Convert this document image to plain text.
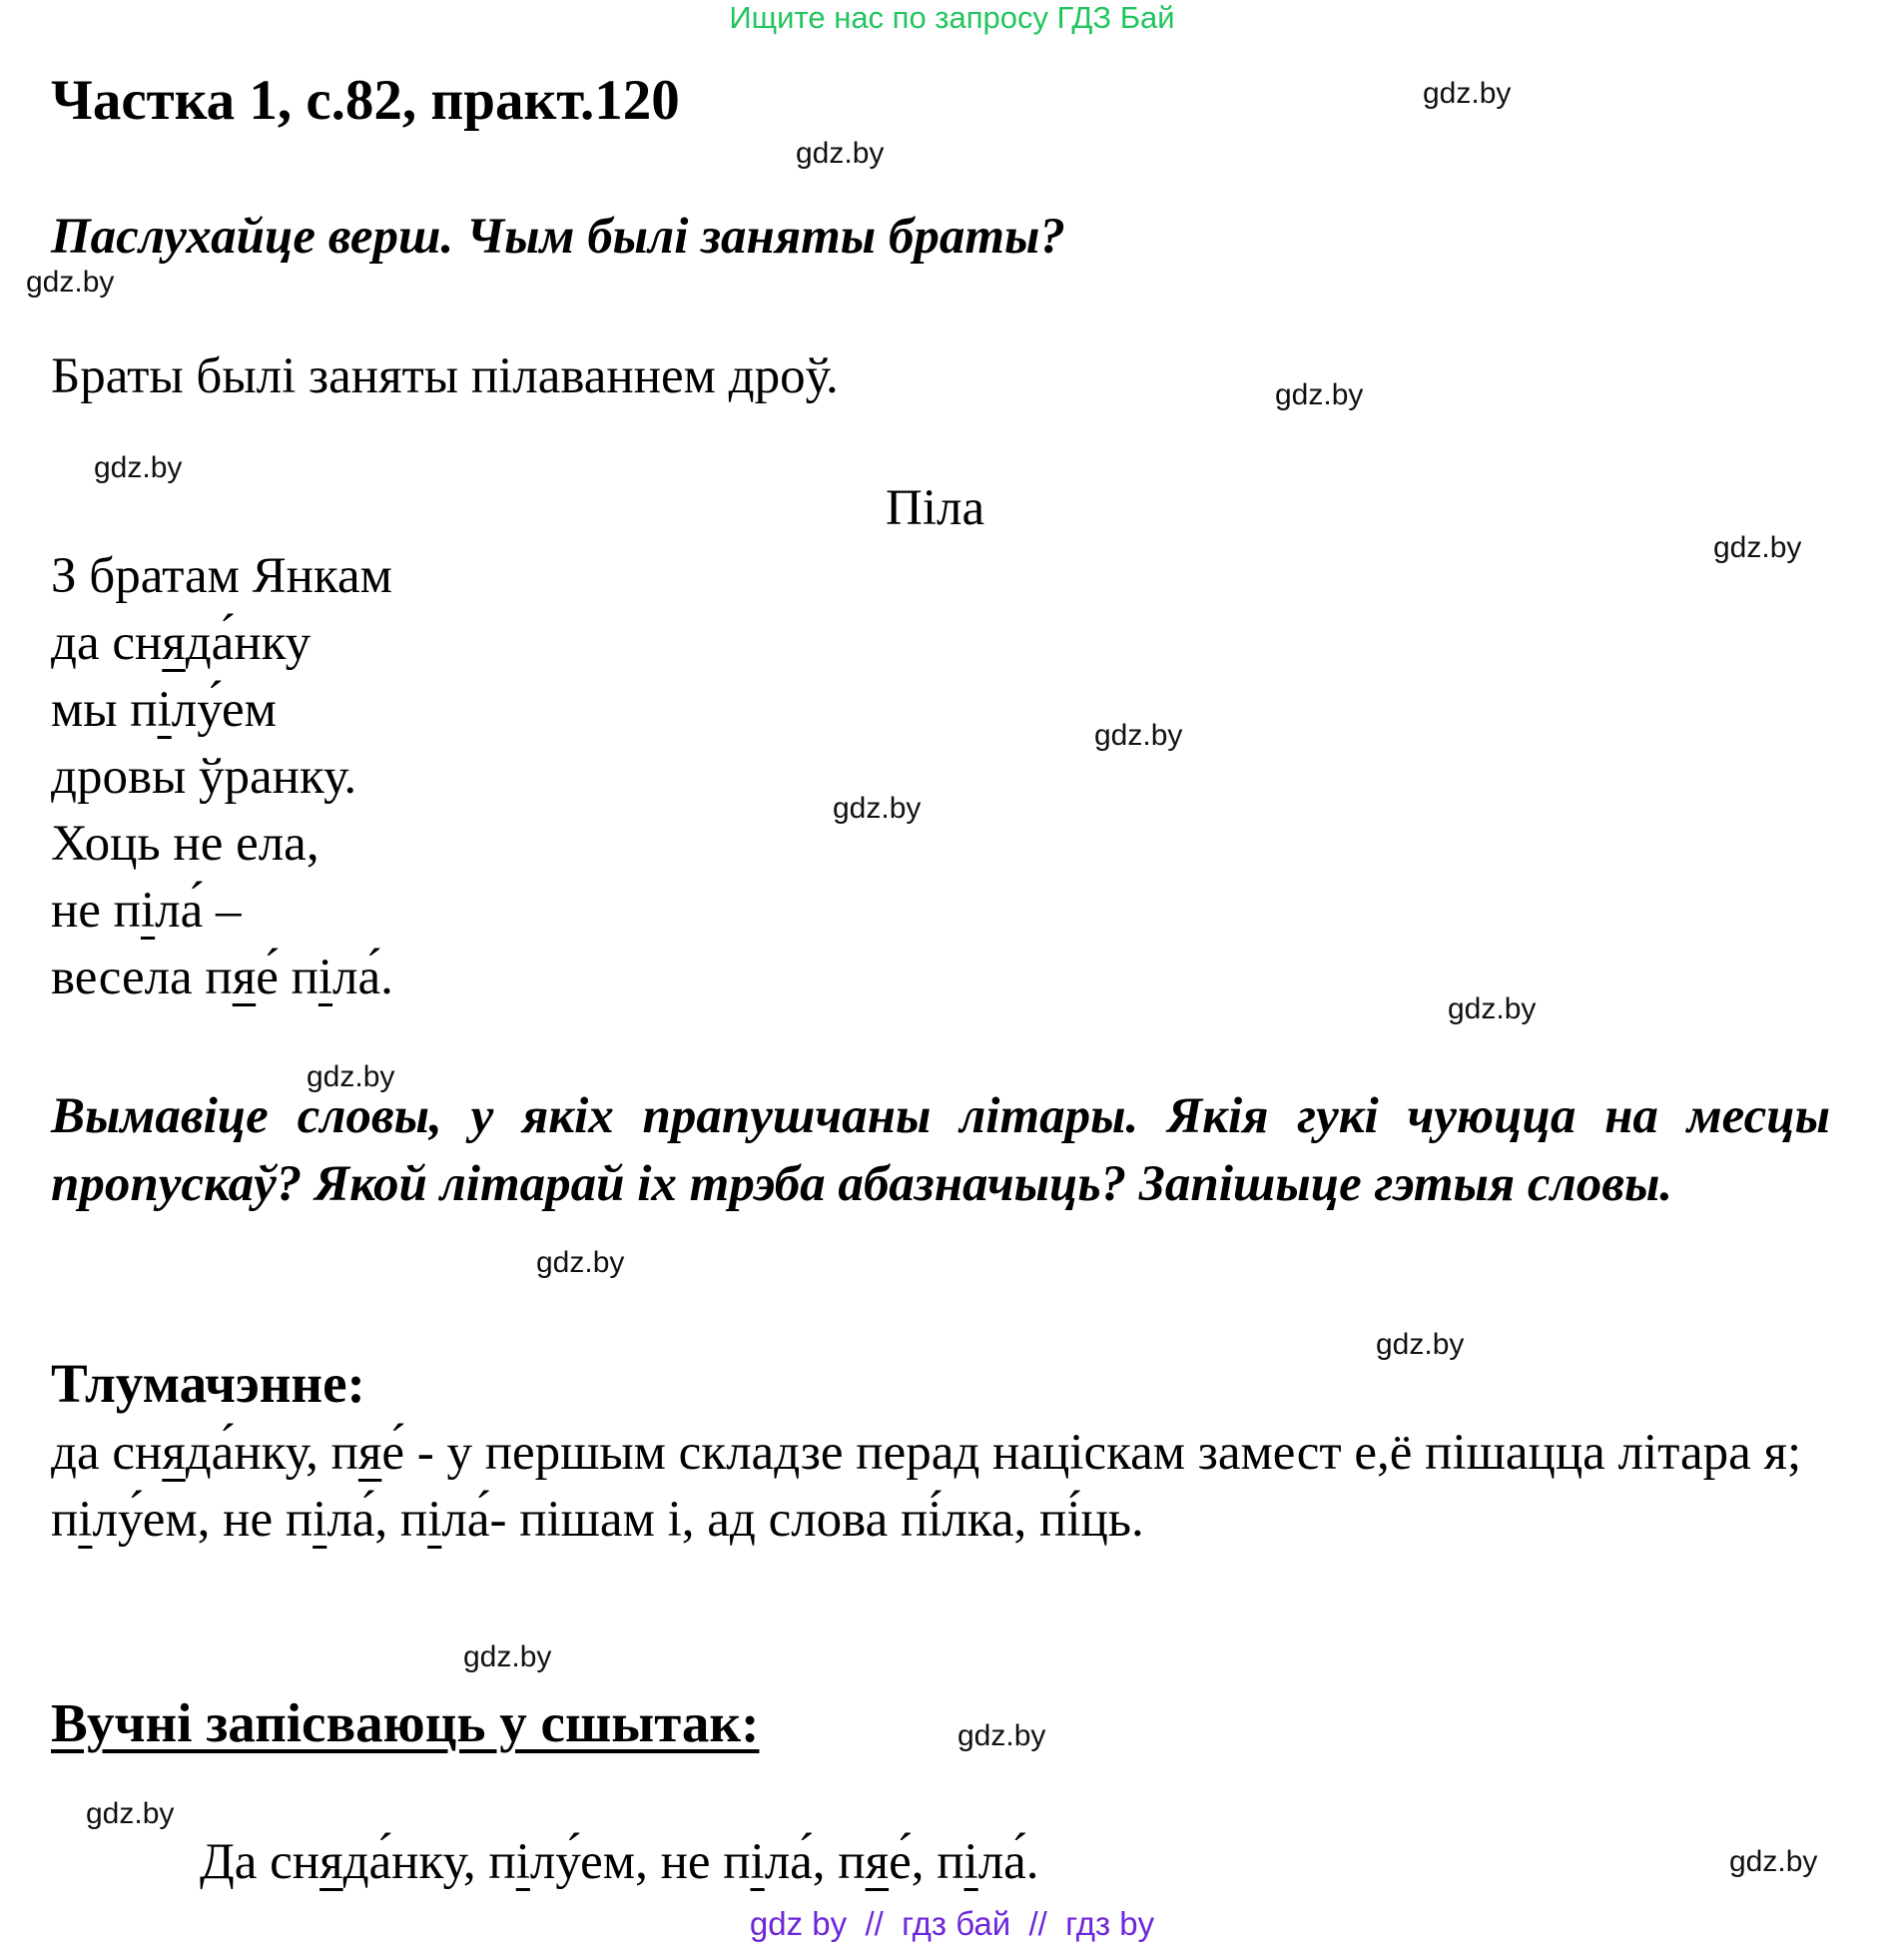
Ищите нас по запросу ГДЗ Бай
Частка 1, с.82, практ.120
Паслухайце верш. Чым былі заняты браты?
Браты былі заняты пілаваннем дроў.
Піла
З братам Янкам
да сняда́нку
мы пілу́ем
дровы ўранку.
Хоць не ела,
не піла́ –
весела пяе́ піла́.
Вымавіце словы, у якіх прапушчаны літары. Якія гукі чуюцца на месцы пропускаў? Якой літарай іх трэба абазначыць? Запішыце гэтыя словы.
Тлумачэнне:
да сняда́нку, пяе́ - у першым складзе перад націскам замест е,ё пішацца літара я;
пілу́ем, не піла́, піла́- пішам і, ад слова пі́лка, пі́ць.
Вучні запісваюць у сшытак:
Да сняда́нку, пілу́ем, не піла́, пяе́, піла́.
gdz.by
gdz.by
gdz.by
gdz.by
gdz.by
gdz.by
gdz.by
gdz.by
gdz.by
gdz.by
gdz.by
gdz.by
gdz.by
gdz.by
gdz.by
gdz.by
gdz by  //  гдз бай  //  гдз by
